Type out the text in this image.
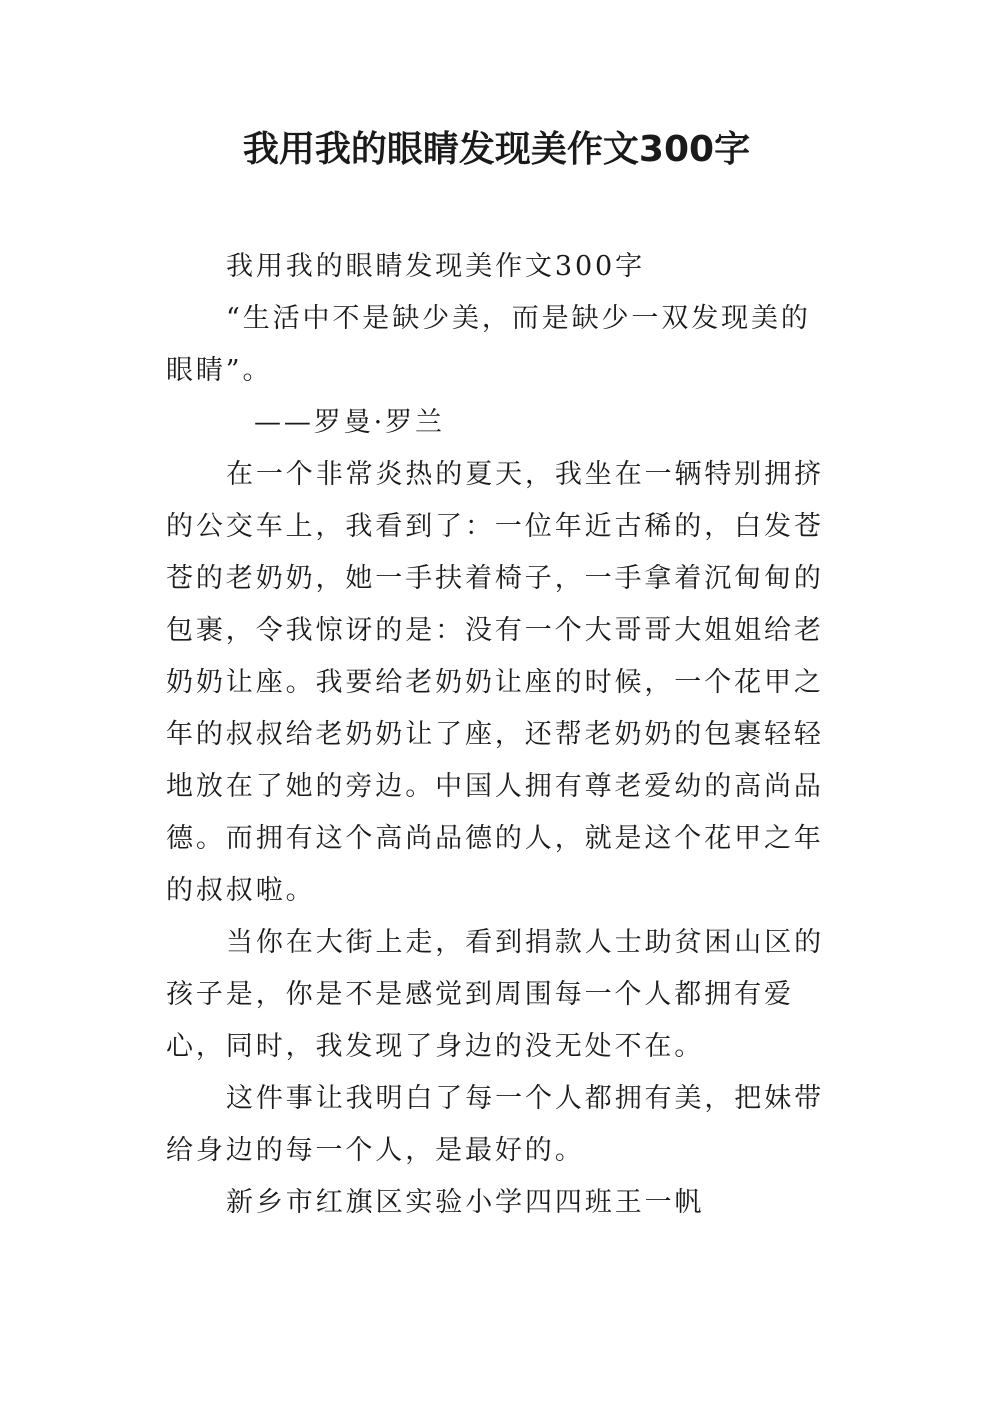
我用我的眼睛发现美作文300字

我用我的眼睛发现美作文300字

“生活中不是缺少美，而是缺少一双发现美的眼睛”。

——罗曼·罗兰

在一个非常炎热的夏天，我坐在一辆特别拥挤的公交车上，我看到了：一位年近古稀的，白发苍苍的老奶奶，她一手扶着椅子，一手拿着沉甸甸的包裹，令我惊讶的是：没有一个大哥哥大姐姐给老奶奶让座。我要给老奶奶让座的时候，一个花甲之年的叔叔给老奶奶让了座，还帮老奶奶的包裹轻轻地放在了她的旁边。中国人拥有尊老爱幼的高尚品德。而拥有这个高尚品德的人，就是这个花甲之年的叔叔啦。

当你在大街上走，看到捐款人士助贫困山区的孩子是，你是不是感觉到周围每一个人都拥有爱心，同时，我发现了身边的没无处不在。

这件事让我明白了每一个人都拥有美，把妹带给身边的每一个人，是最好的。

新乡市红旗区实验小学四四班王一帆
